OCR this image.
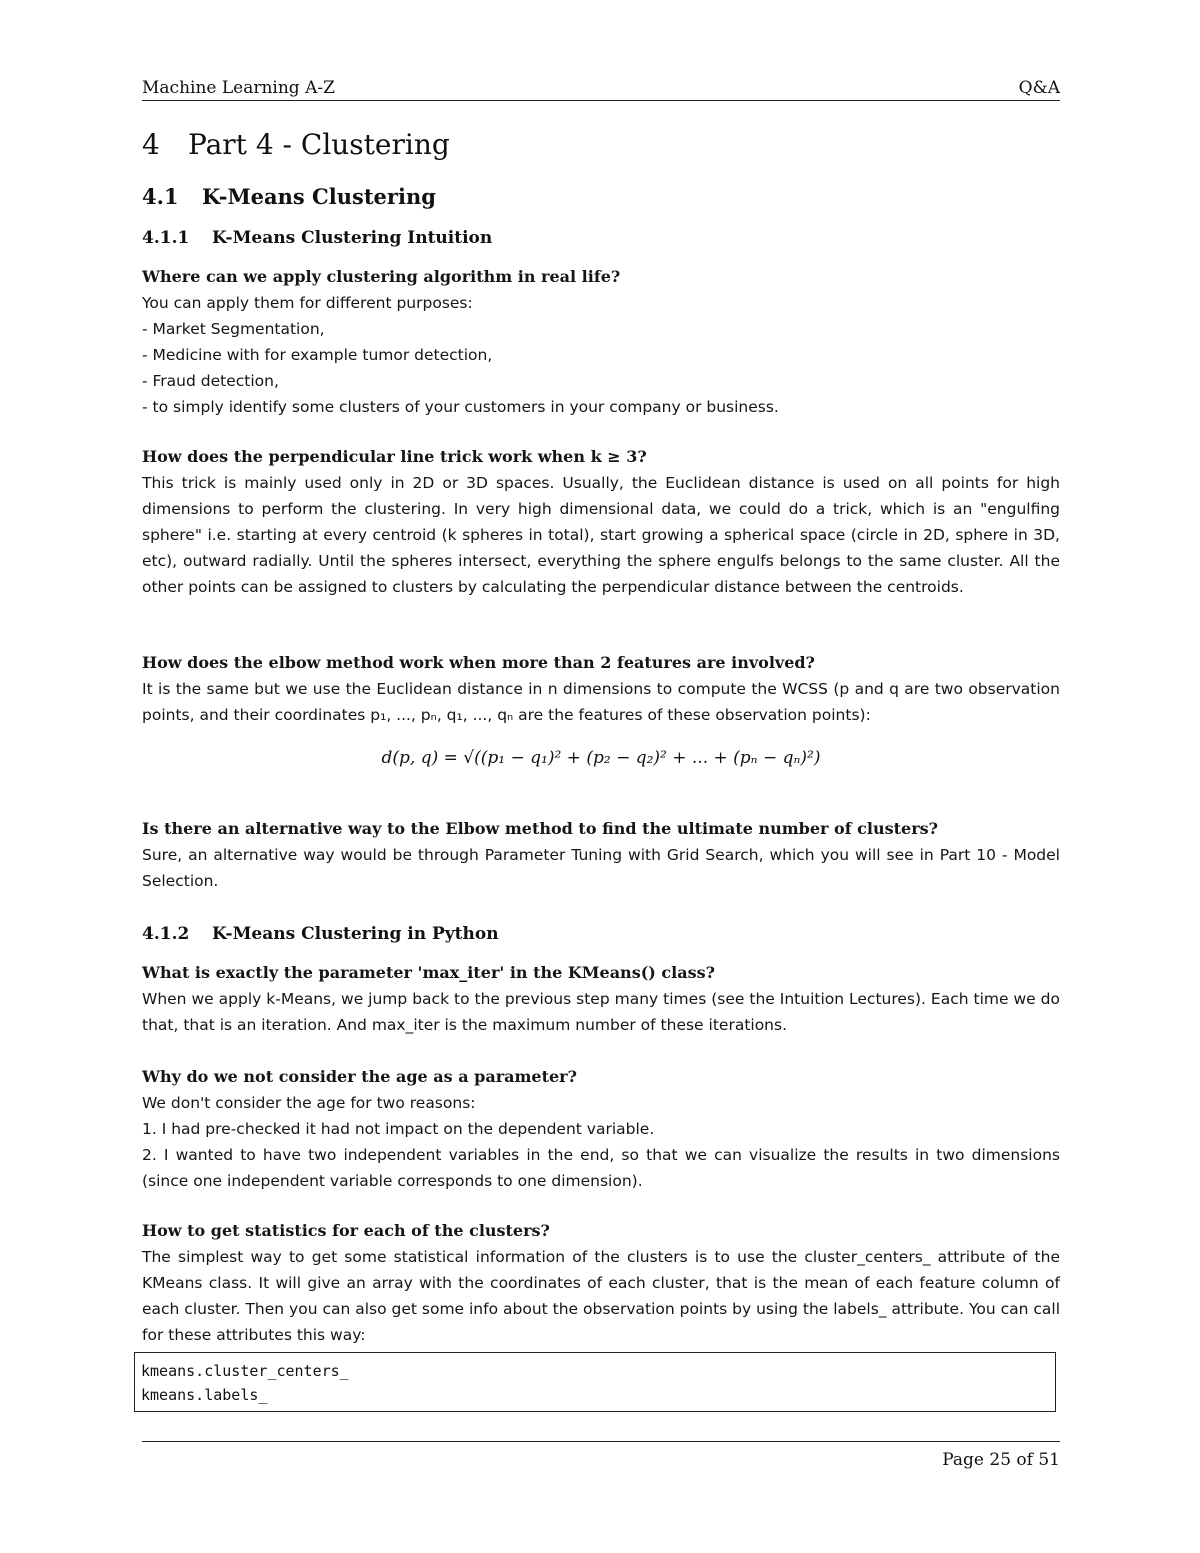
Machine Learning A-Z	Q&A
4 Part 4 - Clustering
4.1 K-Means Clustering
4.1.1 K-Means Clustering Intuition
Where can we apply clustering algorithm in real life?
You can apply them for different purposes:
- Market Segmentation,
- Medicine with for example tumor detection,
- Fraud detection,
- to simply identify some clusters of your customers in your company or business.
How does the perpendicular line trick work when k ≥ 3?
This trick is mainly used only in 2D or 3D spaces. Usually, the Euclidean distance is used on all points for high dimensions to perform the clustering. In very high dimensional data, we could do a trick, which is an "engulfing sphere" i.e. starting at every centroid (k spheres in total), start growing a spherical space (circle in 2D, sphere in 3D, etc), outward radially. Until the spheres intersect, everything the sphere engulfs belongs to the same cluster. All the other points can be assigned to clusters by calculating the perpendicular distance between the centroids.
How does the elbow method work when more than 2 features are involved?
It is the same but we use the Euclidean distance in n dimensions to compute the WCSS (p and q are two observation points, and their coordinates p₁, ..., pₙ, q₁, ..., qₙ are the features of these observation points):
d(p, q) = √((p₁ − q₁)² + (p₂ − q₂)² + ... + (pₙ − qₙ)²)
Is there an alternative way to the Elbow method to find the ultimate number of clusters?
Sure, an alternative way would be through Parameter Tuning with Grid Search, which you will see in Part 10 - Model Selection.
4.1.2 K-Means Clustering in Python
What is exactly the parameter 'max_iter' in the KMeans() class?
When we apply k-Means, we jump back to the previous step many times (see the Intuition Lectures). Each time we do that, that is an iteration. And max_iter is the maximum number of these iterations.
Why do we not consider the age as a parameter?
We don't consider the age for two reasons:
1. I had pre-checked it had not impact on the dependent variable.
2. I wanted to have two independent variables in the end, so that we can visualize the results in two dimensions (since one independent variable corresponds to one dimension).
How to get statistics for each of the clusters?
The simplest way to get some statistical information of the clusters is to use the cluster_centers_ attribute of the KMeans class. It will give an array with the coordinates of each cluster, that is the mean of each feature column of each cluster. Then you can also get some info about the observation points by using the labels_ attribute. You can call for these attributes this way:
kmeans.cluster_centers_
kmeans.labels_
Page 25 of 51
